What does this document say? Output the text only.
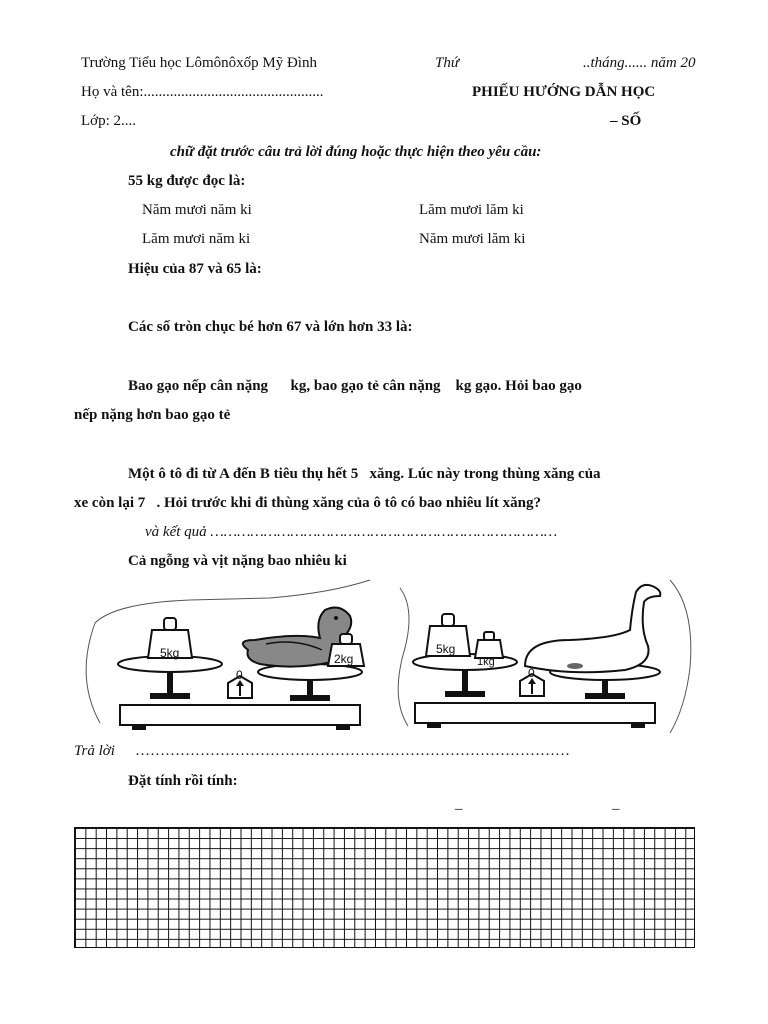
Trường Tiểu học Lômônôxốp Mỹ Đình	Thứ	..tháng...... năm 20
Họ và tên:................................................	PHIẾU HƯỚNG DẪN HỌC
Lớp: 2....	– SỐ
chữ đặt trước câu trả lời đúng hoặc thực hiện theo yêu cầu:
55 kg được đọc là:
Năm mươi năm ki	Lăm mươi lăm ki
Lăm mươi năm ki	Năm mươi lăm ki
Hiệu của 87 và 65 là:
Các số tròn chục bé hơn 67 và lớn hơn 33 là:
Bao gạo nếp cân nặng      kg, bao gạo tẻ cân nặng    kg gạo. Hỏi bao gạo
nếp nặng hơn bao gạo tẻ
Một ô tô đi từ A đến B tiêu thụ hết 5   xăng. Lúc này trong thùng xăng của
xe còn lại 7   . Hỏi trước khi đi thùng xăng của ô tô có bao nhiêu lít xăng?
và kết quả ……………………………………………………………………
Cả ngỗng và vịt nặng bao nhiêu ki
5kg	2kg
0
5kg
1kg
0
Trả lời ……………………………………………………………………………
Đặt tính rồi tính:
–	–
